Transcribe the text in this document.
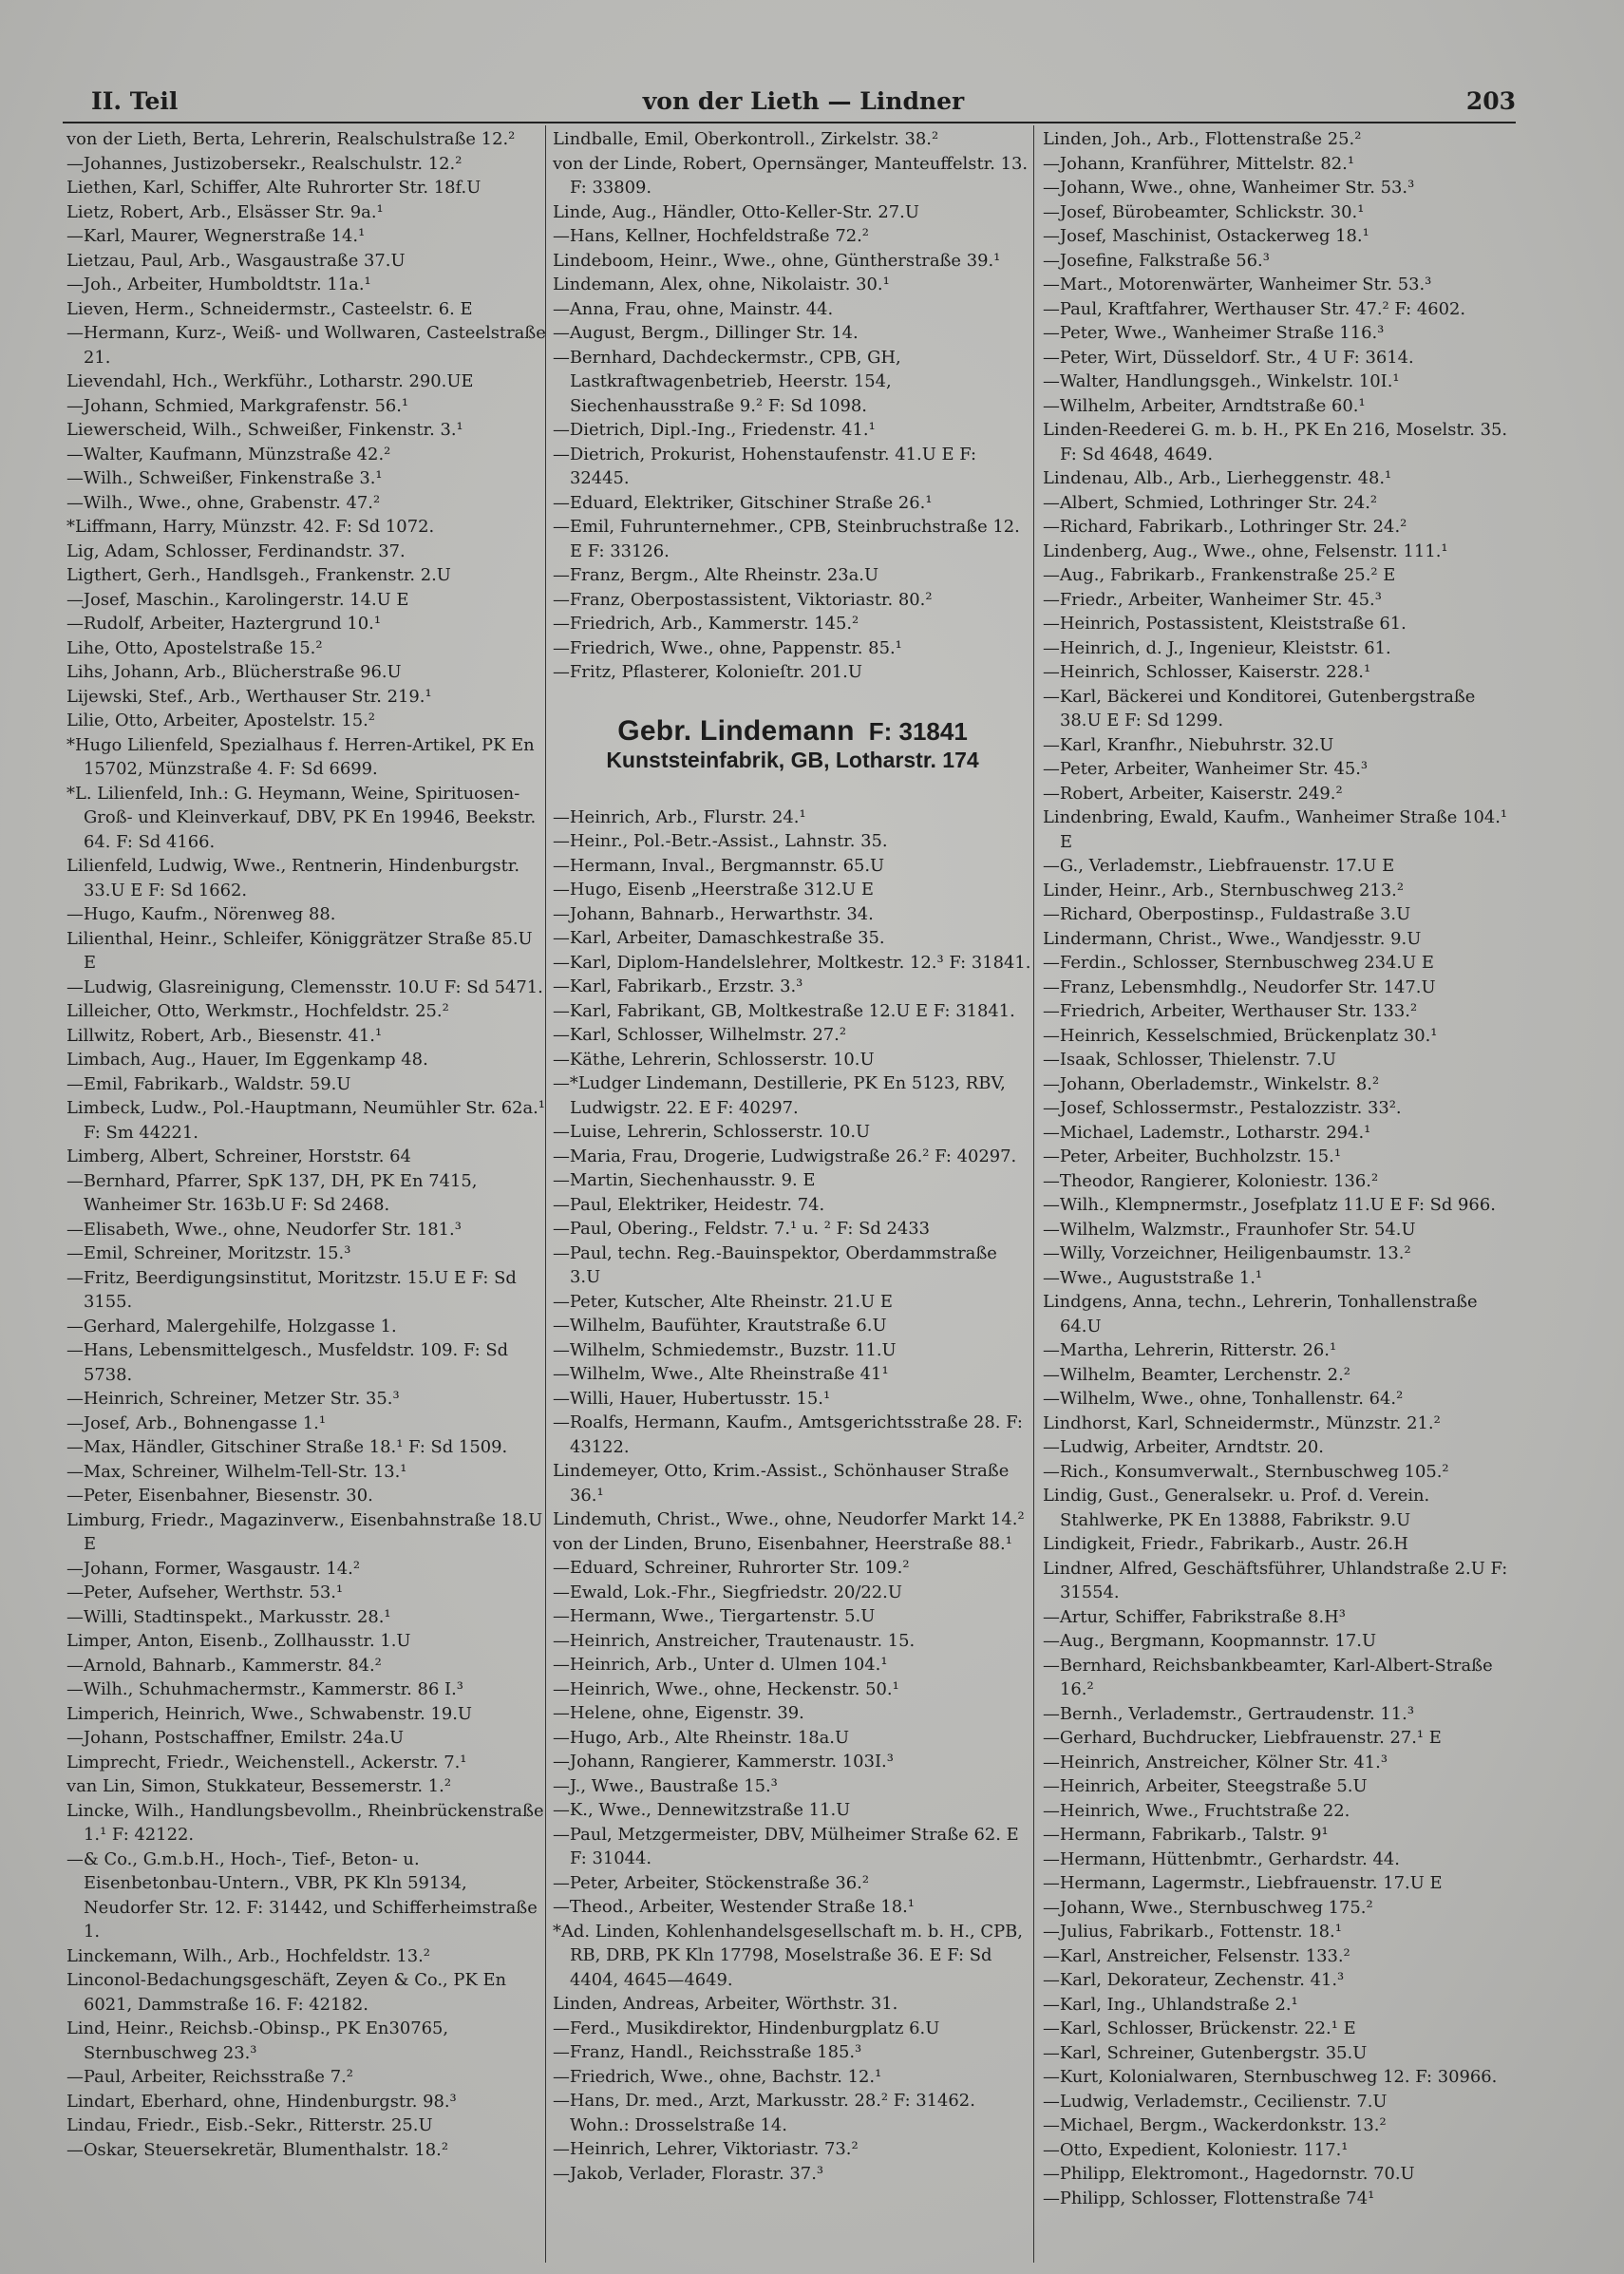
II. Teil	von der Lieth — Lindner	203

von der Lieth, Berta, Lehrerin, Realschulstraße 12.²

—Johannes, Justizobersekr., Realschulstr. 12.²

Liethen, Karl, Schiffer, Alte Ruhrorter Str. 18f.U

Lietz, Robert, Arb., Elsässer Str. 9a.¹

—Karl, Maurer, Wegnerstraße 14.¹

Lietzau, Paul, Arb., Wasgaustraße 37.U

—Joh., Arbeiter, Humboldtstr. 11a.¹

Lieven, Herm., Schneidermstr., Casteelstr. 6. E

—Hermann, Kurz-, Weiß- und Wollwaren, Casteelstraße 21.

Lievendahl, Hch., Werkführ., Lotharstr. 290.UE

—Johann, Schmied, Markgrafenstr. 56.¹

Liewerscheid, Wilh., Schweißer, Finkenstr. 3.¹

—Walter, Kaufmann, Münzstraße 42.²

—Wilh., Schweißer, Finkenstraße 3.¹

—Wilh., Wwe., ohne, Grabenstr. 47.²

*Liffmann, Harry, Münzstr. 42. F: Sd 1072.

Lig, Adam, Schlosser, Ferdinandstr. 37.

Ligthert, Gerh., Handlsgeh., Frankenstr. 2.U

—Josef, Maschin., Karolingerstr. 14.U E

—Rudolf, Arbeiter, Haztergrund 10.¹

Lihe, Otto, Apostelstraße 15.²

Lihs, Johann, Arb., Blücherstraße 96.U

Lijewski, Stef., Arb., Werthauser Str. 219.¹

Lilie, Otto, Arbeiter, Apostelstr. 15.²

*Hugo Lilienfeld, Spezialhaus f. Herren-Artikel, PK En 15702, Münzstraße 4. F: Sd 6699.

*L. Lilienfeld, Inh.: G. Heymann, Weine, Spirituosen-Groß- und Kleinverkauf, DBV, PK En 19946, Beekstr. 64. F: Sd 4166.

Lilienfeld, Ludwig, Wwe., Rentnerin, Hindenburgstr. 33.U E F: Sd 1662.

—Hugo, Kaufm., Nörenweg 88.

Lilienthal, Heinr., Schleifer, Königgrätzer Straße 85.U E

—Ludwig, Glasreinigung, Clemensstr. 10.U F: Sd 5471.

Lilleicher, Otto, Werkmstr., Hochfeldstr. 25.²

Lillwitz, Robert, Arb., Biesenstr. 41.¹

Limbach, Aug., Hauer, Im Eggenkamp 48.

—Emil, Fabrikarb., Waldstr. 59.U

Limbeck, Ludw., Pol.-Hauptmann, Neumühler Str. 62a.¹ F: Sm 44221.

Limberg, Albert, Schreiner, Horststr. 64

—Bernhard, Pfarrer, SpK 137, DH, PK En 7415, Wanheimer Str. 163b.U F: Sd 2468.

—Elisabeth, Wwe., ohne, Neudorfer Str. 181.³

—Emil, Schreiner, Moritzstr. 15.³

—Fritz, Beerdigungsinstitut, Moritzstr. 15.U E F: Sd 3155.

—Gerhard, Malergehilfe, Holzgasse 1.

—Hans, Lebensmittelgesch., Musfeldstr. 109. F: Sd 5738.

—Heinrich, Schreiner, Metzer Str. 35.³

—Josef, Arb., Bohnengasse 1.¹

—Max, Händler, Gitschiner Straße 18.¹ F: Sd 1509.

—Max, Schreiner, Wilhelm-Tell-Str. 13.¹

—Peter, Eisenbahner, Biesenstr. 30.

Limburg, Friedr., Magazinverw., Eisenbahnstraße 18.U E

—Johann, Former, Wasgaustr. 14.²

—Peter, Aufseher, Werthstr. 53.¹

—Willi, Stadtinspekt., Markusstr. 28.¹

Limper, Anton, Eisenb., Zollhausstr. 1.U

—Arnold, Bahnarb., Kammerstr. 84.²

—Wilh., Schuhmachermstr., Kammerstr. 86 I.³

Limperich, Heinrich, Wwe., Schwabenstr. 19.U

—Johann, Postschaffner, Emilstr. 24a.U

Limprecht, Friedr., Weichenstell., Ackerstr. 7.¹

van Lin, Simon, Stukkateur, Bessemerstr. 1.²

Lincke, Wilh., Handlungsbevollm., Rheinbrückenstraße 1.¹ F: 42122.

—& Co., G.m.b.H., Hoch-, Tief-, Beton- u. Eisenbetonbau-Untern., VBR, PK Kln 59134, Neudorfer Str. 12. F: 31442, und Schifferheimstraße 1.

Linckemann, Wilh., Arb., Hochfeldstr. 13.²

Linconol-Bedachungsgeschäft, Zeyen & Co., PK En 6021, Dammstraße 16. F: 42182.

Lind, Heinr., Reichsb.-Obinsp., PK En30765, Sternbuschweg 23.³

—Paul, Arbeiter, Reichsstraße 7.²

Lindart, Eberhard, ohne, Hindenburgstr. 98.³

Lindau, Friedr., Eisb.-Sekr., Ritterstr. 25.U

—Oskar, Steuersekretär, Blumenthalstr. 18.²

Lindballe, Emil, Oberkontroll., Zirkelstr. 38.²

von der Linde, Robert, Opernsänger, Manteuffelstr. 13. F: 33809.

Linde, Aug., Händler, Otto-Keller-Str. 27.U

—Hans, Kellner, Hochfeldstraße 72.²

Lindeboom, Heinr., Wwe., ohne, Güntherstraße 39.¹

Lindemann, Alex, ohne, Nikolaistr. 30.¹

—Anna, Frau, ohne, Mainstr. 44.

—August, Bergm., Dillinger Str. 14.

—Bernhard, Dachdeckermstr., CPB, GH, Lastkraftwagenbetrieb, Heerstr. 154, Siechenhausstraße 9.² F: Sd 1098.

—Dietrich, Dipl.-Ing., Friedenstr. 41.¹

—Dietrich, Prokurist, Hohenstaufenstr. 41.U E F: 32445.

—Eduard, Elektriker, Gitschiner Straße 26.¹

—Emil, Fuhrunternehmer., CPB, Steinbruchstraße 12. E F: 33126.

—Franz, Bergm., Alte Rheinstr. 23a.U

—Franz, Oberpostassistent, Viktoriastr. 80.²

—Friedrich, Arb., Kammerstr. 145.²

—Friedrich, Wwe., ohne, Pappenstr. 85.¹

—Fritz, Pflasterer, Kolonieſtr. 201.U

Gebr. Lindemann F: 31841
Kunststeinfabrik, GB, Lotharstr. 174

—Heinrich, Arb., Flurstr. 24.¹

—Heinr., Pol.-Betr.-Assist., Lahnstr. 35.

—Hermann, Inval., Bergmannstr. 65.U

—Hugo, Eisenb „Heerstraße 312.U E

—Johann, Bahnarb., Herwarthstr. 34.

—Karl, Arbeiter, Damaschkestraße 35.

—Karl, Diplom-Handelslehrer, Moltkestr. 12.³ F: 31841.

—Karl, Fabrikarb., Erzstr. 3.³

—Karl, Fabrikant, GB, Moltkestraße 12.U E F: 31841.

—Karl, Schlosser, Wilhelmstr. 27.²

—Käthe, Lehrerin, Schlosserstr. 10.U

—*Ludger Lindemann, Destillerie, PK En 5123, RBV, Ludwigstr. 22. E F: 40297.

—Luise, Lehrerin, Schlosserstr. 10.U

—Maria, Frau, Drogerie, Ludwigstraße 26.² F: 40297.

—Martin, Siechenhausstr. 9. E

—Paul, Elektriker, Heidestr. 74.

—Paul, Obering., Feldstr. 7.¹ u. ² F: Sd 2433

—Paul, techn. Reg.-Bauinspektor, Oberdammstraße 3.U

—Peter, Kutscher, Alte Rheinstr. 21.U E

—Wilhelm, Baufühter, Krautstraße 6.U

—Wilhelm, Schmiedemstr., Buzstr. 11.U

—Wilhelm, Wwe., Alte Rheinstraße 41¹

—Willi, Hauer, Hubertusstr. 15.¹

—Roalfs, Hermann, Kaufm., Amtsgerichtsstraße 28. F: 43122.

Lindemeyer, Otto, Krim.-Assist., Schönhauser Straße 36.¹

Lindemuth, Christ., Wwe., ohne, Neudorfer Markt 14.²

von der Linden, Bruno, Eisenbahner, Heerstraße 88.¹

—Eduard, Schreiner, Ruhrorter Str. 109.²

—Ewald, Lok.-Fhr., Siegfriedstr. 20/22.U

—Hermann, Wwe., Tiergartenstr. 5.U

—Heinrich, Anstreicher, Trautenaustr. 15.

—Heinrich, Arb., Unter d. Ulmen 104.¹

—Heinrich, Wwe., ohne, Heckenstr. 50.¹

—Helene, ohne, Eigenstr. 39.

—Hugo, Arb., Alte Rheinstr. 18a.U

—Johann, Rangierer, Kammerstr. 103I.³

—J., Wwe., Baustraße 15.³

—K., Wwe., Dennewitzstraße 11.U

—Paul, Metzgermeister, DBV, Mülheimer Straße 62. E F: 31044.

—Peter, Arbeiter, Stöckenstraße 36.²

—Theod., Arbeiter, Westender Straße 18.¹

*Ad. Linden, Kohlenhandelsgesellschaft m. b. H., CPB, RB, DRB, PK Kln 17798, Moselstraße 36. E F: Sd 4404, 4645—4649.

Linden, Andreas, Arbeiter, Wörthstr. 31.

—Ferd., Musikdirektor, Hindenburgplatz 6.U

—Franz, Handl., Reichsstraße 185.³

—Friedrich, Wwe., ohne, Bachstr. 12.¹

—Hans, Dr. med., Arzt, Markusstr. 28.² F: 31462. Wohn.: Drosselstraße 14.

—Heinrich, Lehrer, Viktoriastr. 73.²

—Jakob, Verlader, Florastr. 37.³

Linden, Joh., Arb., Flottenstraße 25.²

—Johann, Kranführer, Mittelstr. 82.¹

—Johann, Wwe., ohne, Wanheimer Str. 53.³

—Josef, Bürobeamter, Schlickstr. 30.¹

—Josef, Maschinist, Ostackerweg 18.¹

—Josefine, Falkstraße 56.³

—Mart., Motorenwärter, Wanheimer Str. 53.³

—Paul, Kraftfahrer, Werthauser Str. 47.² F: 4602.

—Peter, Wwe., Wanheimer Straße 116.³

—Peter, Wirt, Düsseldorf. Str., 4 U F: 3614.

—Walter, Handlungsgeh., Winkelstr. 10I.¹

—Wilhelm, Arbeiter, Arndtstraße 60.¹

Linden-Reederei G. m. b. H., PK En 216, Moselstr. 35. F: Sd 4648, 4649.

Lindenau, Alb., Arb., Lierheggenstr. 48.¹

—Albert, Schmied, Lothringer Str. 24.²

—Richard, Fabrikarb., Lothringer Str. 24.²

Lindenberg, Aug., Wwe., ohne, Felsenstr. 111.¹

—Aug., Fabrikarb., Frankenstraße 25.² E

—Friedr., Arbeiter, Wanheimer Str. 45.³

—Heinrich, Postassistent, Kleiststraße 61.

—Heinrich, d. J., Ingenieur, Kleiststr. 61.

—Heinrich, Schlosser, Kaiserstr. 228.¹

—Karl, Bäckerei und Konditorei, Gutenbergstraße 38.U E F: Sd 1299.

—Karl, Kranfhr., Niebuhrstr. 32.U

—Peter, Arbeiter, Wanheimer Str. 45.³

—Robert, Arbeiter, Kaiserstr. 249.²

Lindenbring, Ewald, Kaufm., Wanheimer Straße 104.¹ E

—G., Verlademstr., Liebfrauenstr. 17.U E

Linder, Heinr., Arb., Sternbuschweg 213.²

—Richard, Oberpostinsp., Fuldastraße 3.U

Lindermann, Christ., Wwe., Wandjesstr. 9.U

—Ferdin., Schlosser, Sternbuschweg 234.U E

—Franz, Lebensmhdlg., Neudorfer Str. 147.U

—Friedrich, Arbeiter, Werthauser Str. 133.²

—Heinrich, Kesselschmied, Brückenplatz 30.¹

—Isaak, Schlosser, Thielenstr. 7.U

—Johann, Oberlademstr., Winkelstr. 8.²

—Josef, Schlossermstr., Pestalozzistr. 33².

—Michael, Lademstr., Lotharstr. 294.¹

—Peter, Arbeiter, Buchholzstr. 15.¹

—Theodor, Rangierer, Koloniestr. 136.²

—Wilh., Klempnermstr., Josefplatz 11.U E F: Sd 966.

—Wilhelm, Walzmstr., Fraunhofer Str. 54.U

—Willy, Vorzeichner, Heiligenbaumstr. 13.²

—Wwe., Auguststraße 1.¹

Lindgens, Anna, techn., Lehrerin, Tonhallenstraße 64.U

—Martha, Lehrerin, Ritterstr. 26.¹

—Wilhelm, Beamter, Lerchenstr. 2.²

—Wilhelm, Wwe., ohne, Tonhallenstr. 64.²

Lindhorst, Karl, Schneidermstr., Münzstr. 21.²

—Ludwig, Arbeiter, Arndtstr. 20.

—Rich., Konsumverwalt., Sternbuschweg 105.²

Lindig, Gust., Generalsekr. u. Prof. d. Verein. Stahlwerke, PK En 13888, Fabrikstr. 9.U

Lindigkeit, Friedr., Fabrikarb., Austr. 26.H

Lindner, Alfred, Geschäftsführer, Uhlandstraße 2.U F: 31554.

—Artur, Schiffer, Fabrikstraße 8.H³

—Aug., Bergmann, Koopmannstr. 17.U

—Bernhard, Reichsbankbeamter, Karl-Albert-Straße 16.²

—Bernh., Verlademstr., Gertraudenstr. 11.³

—Gerhard, Buchdrucker, Liebfrauenstr. 27.¹ E

—Heinrich, Anstreicher, Kölner Str. 41.³

—Heinrich, Arbeiter, Steegstraße 5.U

—Heinrich, Wwe., Fruchtstraße 22.

—Hermann, Fabrikarb., Talstr. 9¹

—Hermann, Hüttenbmtr., Gerhardstr. 44.

—Hermann, Lagermstr., Liebfrauenstr. 17.U E

—Johann, Wwe., Sternbuschweg 175.²

—Julius, Fabrikarb., Fottenstr. 18.¹

—Karl, Anstreicher, Felsenstr. 133.²

—Karl, Dekorateur, Zechenstr. 41.³

—Karl, Ing., Uhlandstraße 2.¹

—Karl, Schlosser, Brückenstr. 22.¹ E

—Karl, Schreiner, Gutenbergstr. 35.U

—Kurt, Kolonialwaren, Sternbuschweg 12. F: 30966.

—Ludwig, Verlademstr., Cecilienstr. 7.U

—Michael, Bergm., Wackerdonkstr. 13.²

—Otto, Expedient, Koloniestr. 117.¹

—Philipp, Elektromont., Hagedornstr. 70.U

—Philipp, Schlosser, Flottenstraße 74¹
